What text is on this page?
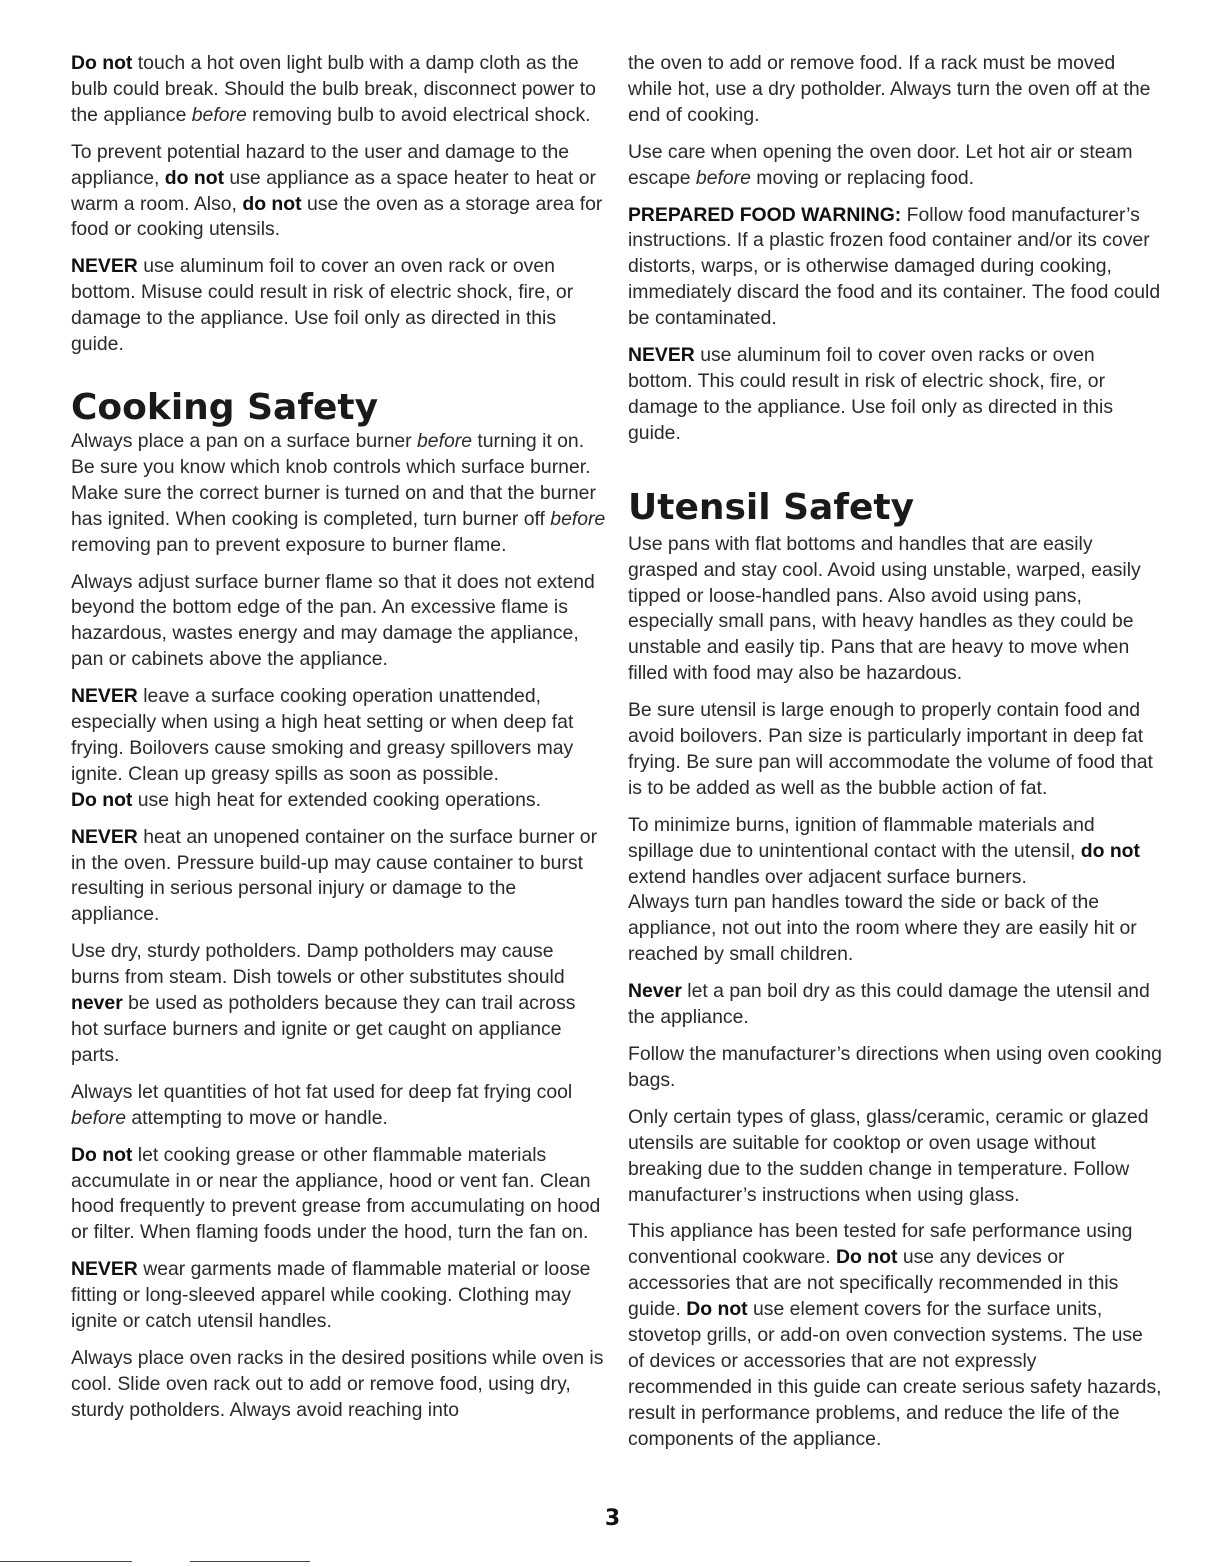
Do not touch a hot oven light bulb with a damp cloth as the bulb could break. Should the bulb break, disconnect power to the appliance before removing bulb to avoid electrical shock.

To prevent potential hazard to the user and damage to the appliance, do not use appliance as a space heater to heat or warm a room. Also, do not use the oven as a storage area for food or cooking utensils.

NEVER use aluminum foil to cover an oven rack or oven bottom. Misuse could result in risk of electric shock, fire, or damage to the appliance. Use foil only as directed in this guide.

Cooking Safety

Always place a pan on a surface burner before turning it on. Be sure you know which knob controls which surface burner. Make sure the correct burner is turned on and that the burner has ignited. When cooking is completed, turn burner off before removing pan to prevent exposure to burner flame.

Always adjust surface burner flame so that it does not extend beyond the bottom edge of the pan. An excessive flame is hazardous, wastes energy and may damage the appliance, pan or cabinets above the appliance.

NEVER leave a surface cooking operation unattended, especially when using a high heat setting or when deep fat frying. Boilovers cause smoking and greasy spillovers may ignite. Clean up greasy spills as soon as possible.

Do not use high heat for extended cooking operations.

NEVER heat an unopened container on the surface burner or in the oven. Pressure build-up may cause container to burst resulting in serious personal injury or damage to the appliance.

Use dry, sturdy potholders. Damp potholders may cause burns from steam. Dish towels or other substitutes should never be used as potholders because they can trail across hot surface burners and ignite or get caught on appliance parts.

Always let quantities of hot fat used for deep fat frying cool before attempting to move or handle.

Do not let cooking grease or other flammable materials accumulate in or near the appliance, hood or vent fan. Clean hood frequently to prevent grease from accumulating on hood or filter. When flaming foods under the hood, turn the fan on.

NEVER wear garments made of flammable material or loose fitting or long-sleeved apparel while cooking. Clothing may ignite or catch utensil handles.

Always place oven racks in the desired positions while oven is cool. Slide oven rack out to add or remove food, using dry, sturdy potholders. Always avoid reaching into

the oven to add or remove food. If a rack must be moved while hot, use a dry potholder. Always turn the oven off at the end of cooking.

Use care when opening the oven door. Let hot air or steam escape before moving or replacing food.

PREPARED FOOD WARNING: Follow food manufacturer’s instructions. If a plastic frozen food container and/or its cover distorts, warps, or is otherwise damaged during cooking, immediately discard the food and its container. The food could be contaminated.

NEVER use aluminum foil to cover oven racks or oven bottom. This could result in risk of electric shock, fire, or damage to the appliance. Use foil only as directed in this guide.

Utensil Safety

Use pans with flat bottoms and handles that are easily grasped and stay cool. Avoid using unstable, warped, easily tipped or loose-handled pans. Also avoid using pans, especially small pans, with heavy handles as they could be unstable and easily tip. Pans that are heavy to move when filled with food may also be hazardous.

Be sure utensil is large enough to properly contain food and avoid boilovers. Pan size is particularly important in deep fat frying. Be sure pan will accommodate the volume of food that is to be added as well as the bubble action of fat.

To minimize burns, ignition of flammable materials and spillage due to unintentional contact with the utensil, do not extend handles over adjacent surface burners.

Always turn pan handles toward the side or back of the appliance, not out into the room where they are easily hit or reached by small children.

Never let a pan boil dry as this could damage the utensil and the appliance.

Follow the manufacturer’s directions when using oven cooking bags.

Only certain types of glass, glass/ceramic, ceramic or glazed utensils are suitable for cooktop or oven usage without breaking due to the sudden change in temperature. Follow manufacturer’s instructions when using glass.

This appliance has been tested for safe performance using conventional cookware. Do not use any devices or accessories that are not specifically recommended in this guide. Do not use element covers for the surface units, stovetop grills, or add-on oven convection systems. The use of devices or accessories that are not expressly recommended in this guide can create serious safety hazards, result in performance problems, and reduce the life of the components of the appliance.

3
